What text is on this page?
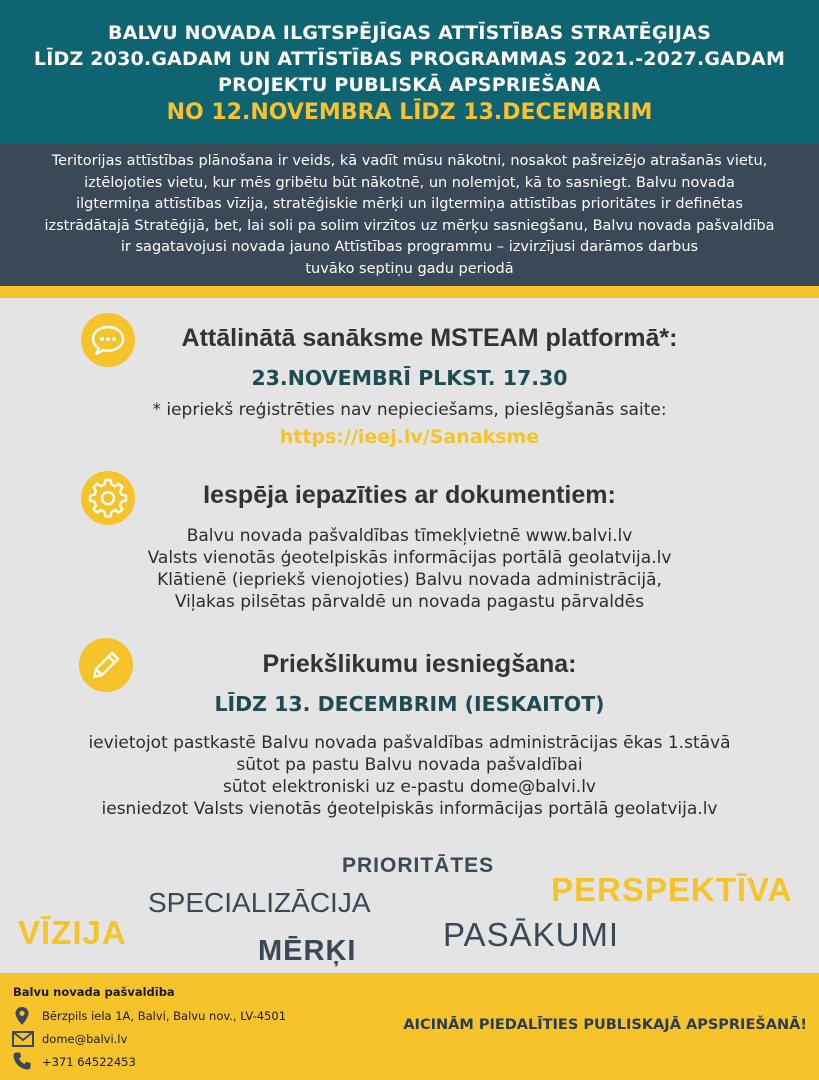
BALVU NOVADA ILGTSPĒJĪGAS ATTĪSTĪBAS STRATĒĢIJAS
LĪDZ 2030.GADAM UN ATTĪSTĪBAS PROGRAMMAS 2021.-2027.GADAM
PROJEKTU PUBLISKĀ APSPRIEŠANA
NO 12.NOVEMBRA LĪDZ 13.DECEMBRIM
Teritorijas attīstības plānošana ir veids, kā vadīt mūsu nākotni, nosakot pašreizējo atrašanās vietu,
iztēlojoties vietu, kur mēs gribētu būt nākotnē, un nolemjot, kā to sasniegt. Balvu novada
ilgtermiņa attīstības vīzija, stratēģiskie mērķi un ilgtermiņa attīstības prioritātes ir definētas
izstrādātajā Stratēģijā, bet, lai soli pa solim virzītos uz mērķu sasniegšanu, Balvu novada pašvaldība
ir sagatavojusi novada jauno Attīstības programmu – izvirzījusi darāmos darbus
tuvāko septiņu gadu periodā
Attālinātā sanāksme MSTEAM platformā*:
23.NOVEMBRĪ PLKST. 17.30
* iepriekš reģistrēties nav nepieciešams, pieslēgšanās saite:
https://ieej.lv/Sanaksme
Iespēja iepazīties ar dokumentiem:
Balvu novada pašvaldības tīmekļvietnē www.balvi.lv
Valsts vienotās ģeotelpiskās informācijas portālā geolatvija.lv
Klātienē (iepriekš vienojoties) Balvu novada administrācijā,
Viļakas pilsētas pārvaldē un novada pagastu pārvaldēs
Priekšlikumu iesniegšana:
LĪDZ 13. DECEMBRIM (IESKAITOT)
ievietojot pastkastē Balvu novada pašvaldības administrācijas ēkas 1.stāvā
sūtot pa pastu Balvu novada pašvaldībai
sūtot elektroniski uz e-pastu dome@balvi.lv
iesniedzot Valsts vienotās ģeotelpiskās informācijas portālā geolatvija.lv
PRIORITĀTES
PERSPEKTĪVA
SPECIALIZĀCIJA
VĪZIJA	PASĀKUMI
MĒRĶI
Balvu novada pašvaldība
Bērzpils iela 1A, Balvi, Balvu nov., LV-4501
dome@balvi.lv
+371 64522453
AICINĀM PIEDALĪTIES PUBLISKAJĀ APSPRIEŠANĀ!
